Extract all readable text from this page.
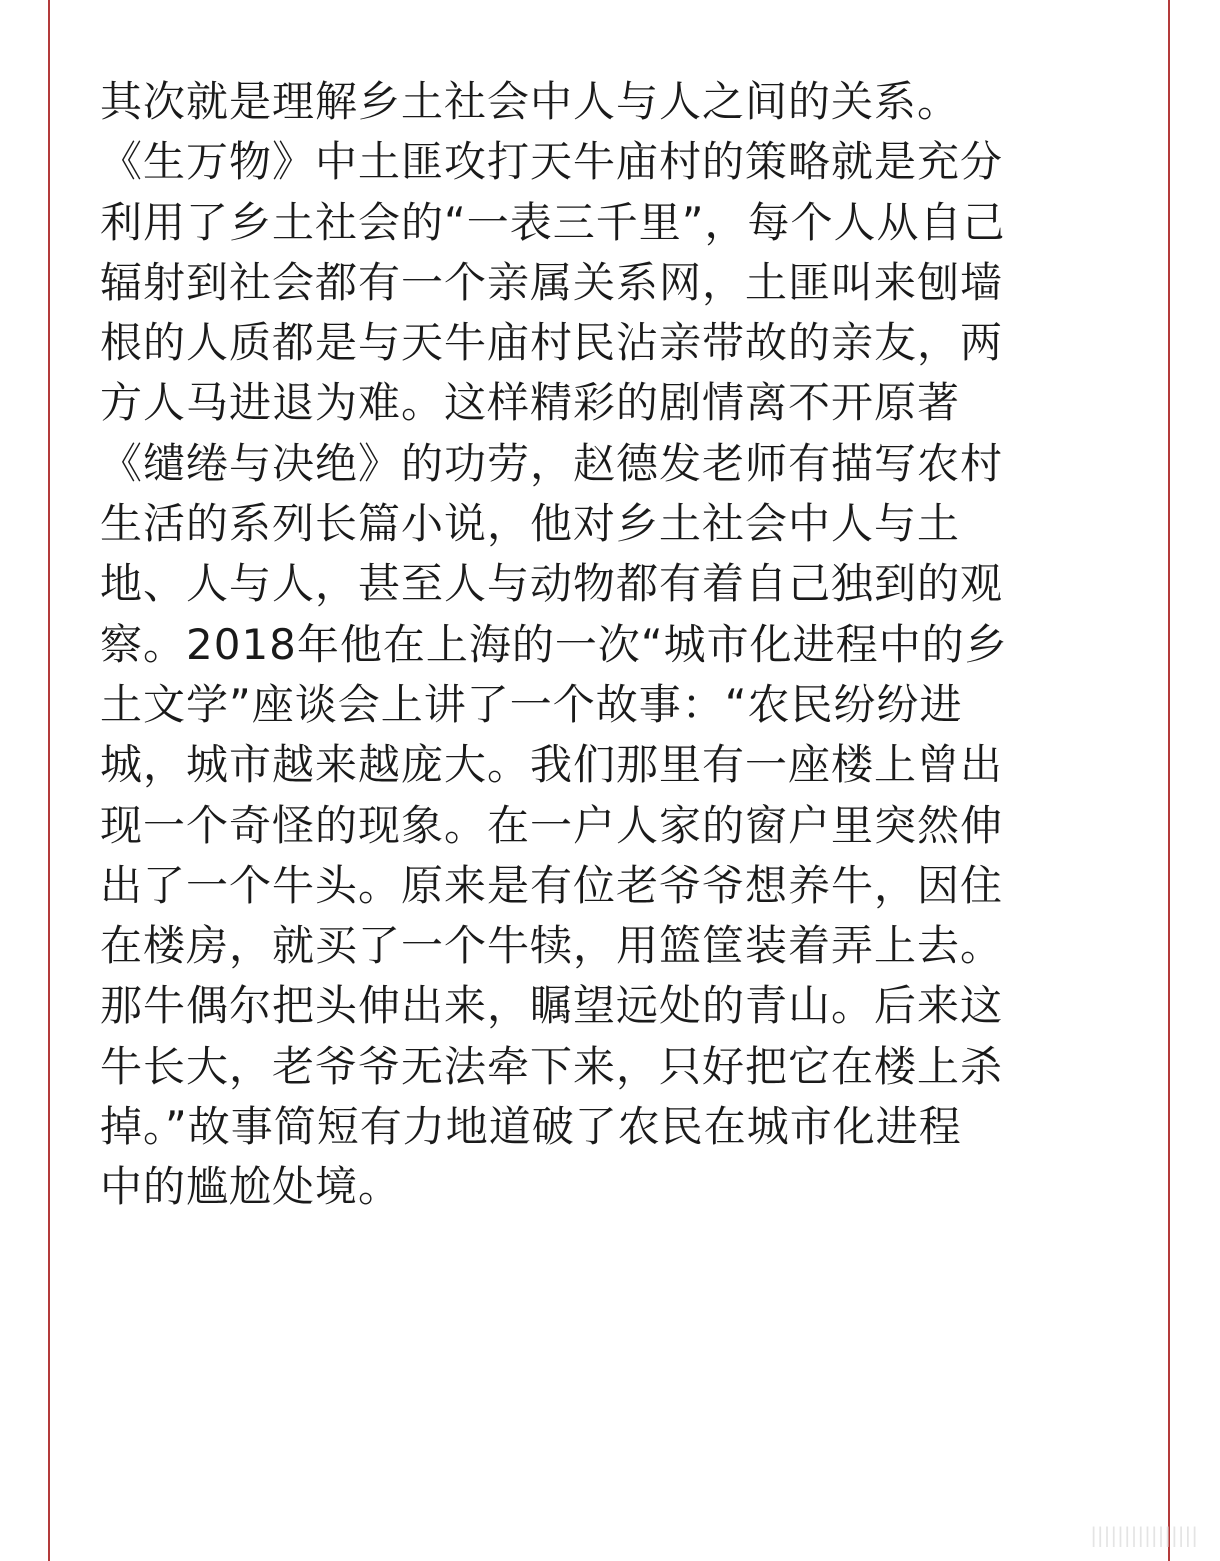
其次就是理解乡土社会中人与人之间的关系。
《生万物》中土匪攻打天牛庙村的策略就是充分
利用了乡土社会的“一表三千里”，每个人从自己
辐射到社会都有一个亲属关系网，土匪叫来刨墙
根的人质都是与天牛庙村民沾亲带故的亲友，两
方人马进退为难。这样精彩的剧情离不开原著
《缱绻与决绝》的功劳，赵德发老师有描写农村
生活的系列长篇小说，他对乡土社会中人与土
地、人与人，甚至人与动物都有着自己独到的观
察。2018年他在上海的一次“城市化进程中的乡
土文学”座谈会上讲了一个故事：“农民纷纷进
城，城市越来越庞大。我们那里有一座楼上曾出
现一个奇怪的现象。在一户人家的窗户里突然伸
出了一个牛头。原来是有位老爷爷想养牛，因住
在楼房，就买了一个牛犊，用篮筐装着弄上去。
那牛偶尔把头伸出来，瞩望远处的青山。后来这
牛长大，老爷爷无法牵下来，只好把它在楼上杀
掉。”故事简短有力地道破了农民在城市化进程
中的尴尬处境。
||||||||||||||||
